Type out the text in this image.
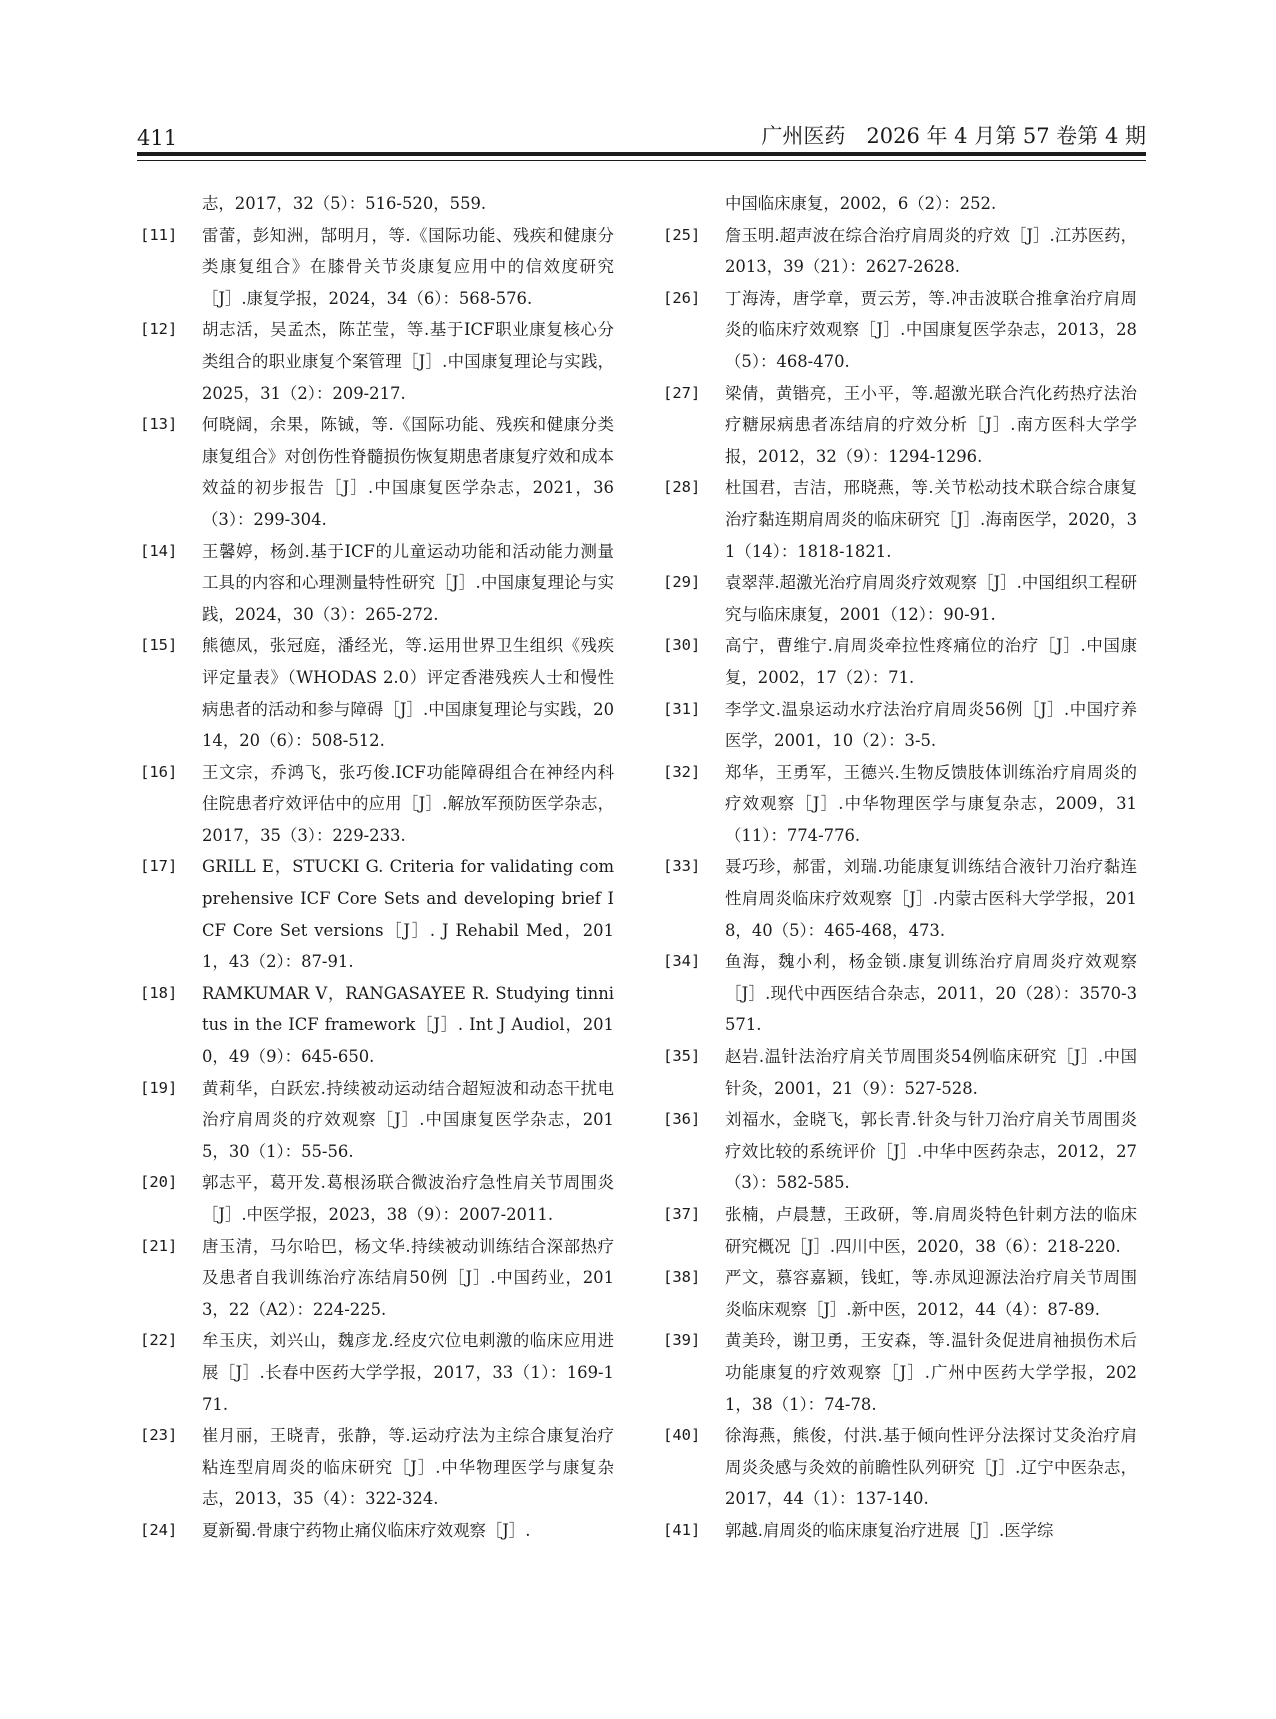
411	广州医药　2026 年 4 月第 57 卷第 4 期
志，2017，32（5）：516-520，559.
[11]	雷蕾，彭知洲，郜明月，等.《国际功能、残疾和健康分类康复组合》在膝骨关节炎康复应用中的信效度研究［J］.康复学报，2024，34（6）：568-576.
[12]	胡志活，吴孟杰，陈芷莹，等.基于ICF职业康复核心分类组合的职业康复个案管理［J］.中国康复理论与实践，2025，31（2）：209-217.
[13]	何晓阔，余果，陈铖，等.《国际功能、残疾和健康分类康复组合》对创伤性脊髓损伤恢复期患者康复疗效和成本效益的初步报告［J］.中国康复医学杂志，2021，36（3）：299-304.
[14]	王馨婷，杨剑.基于ICF的儿童运动功能和活动能力测量工具的内容和心理测量特性研究［J］.中国康复理论与实践，2024，30（3）：265-272.
[15]	熊德凤，张冠庭，潘经光，等.运用世界卫生组织《残疾评定量表》（WHODAS 2.0）评定香港残疾人士和慢性病患者的活动和参与障碍［J］.中国康复理论与实践，2014，20（6）：508-512.
[16]	王文宗，乔鸿飞，张巧俊.ICF功能障碍组合在神经内科住院患者疗效评估中的应用［J］.解放军预防医学杂志，2017，35（3）：229-233.
[17]	GRILL E，STUCKI G. Criteria for validating comprehensive ICF Core Sets and developing brief ICF Core Set versions［J］. J Rehabil Med，2011，43（2）：87-91.
[18]	RAMKUMAR V，RANGASAYEE R. Studying tinnitus in the ICF framework［J］. Int J Audiol，2010，49（9）：645-650.
[19]	黄莉华，白跃宏.持续被动运动结合超短波和动态干扰电治疗肩周炎的疗效观察［J］.中国康复医学杂志，2015，30（1）：55-56.
[20]	郭志平，葛开发.葛根汤联合微波治疗急性肩关节周围炎［J］.中医学报，2023，38（9）：2007-2011.
[21]	唐玉清，马尔哈巴，杨文华.持续被动训练结合深部热疗及患者自我训练治疗冻结肩50例［J］.中国药业，2013，22（A2）：224-225.
[22]	牟玉庆，刘兴山，魏彦龙.经皮穴位电刺激的临床应用进展［J］.长春中医药大学学报，2017，33（1）：169-171.
[23]	崔月丽，王晓青，张静，等.运动疗法为主综合康复治疗粘连型肩周炎的临床研究［J］.中华物理医学与康复杂志，2013，35（4）：322-324.
[24]	夏新蜀.骨康宁药物止痛仪临床疗效观察［J］.
中国临床康复，2002，6（2）：252.
[25]	詹玉明.超声波在综合治疗肩周炎的疗效［J］.江苏医药，2013，39（21）：2627-2628.
[26]	丁海涛，唐学章，贾云芳，等.冲击波联合推拿治疗肩周炎的临床疗效观察［J］.中国康复医学杂志，2013，28（5）：468-470.
[27]	梁倩，黄锴亮，王小平，等.超激光联合汽化药热疗法治疗糖尿病患者冻结肩的疗效分析［J］.南方医科大学学报，2012，32（9）：1294-1296.
[28]	杜国君，吉洁，邢晓燕，等.关节松动技术联合综合康复治疗黏连期肩周炎的临床研究［J］.海南医学，2020，31（14）：1818-1821.
[29]	袁翠萍.超激光治疗肩周炎疗效观察［J］.中国组织工程研究与临床康复，2001（12）：90-91.
[30]	高宁，曹维宁.肩周炎牵拉性疼痛位的治疗［J］.中国康复，2002，17（2）：71.
[31]	李学文.温泉运动水疗法治疗肩周炎56例［J］.中国疗养医学，2001，10（2）：3-5.
[32]	郑华，王勇军，王德兴.生物反馈肢体训练治疗肩周炎的疗效观察［J］.中华物理医学与康复杂志，2009，31（11）：774-776.
[33]	聂巧珍，郝雷，刘瑞.功能康复训练结合液针刀治疗黏连性肩周炎临床疗效观察［J］.内蒙古医科大学学报，2018，40（5）：465-468，473.
[34]	鱼海，魏小利，杨金锁.康复训练治疗肩周炎疗效观察［J］.现代中西医结合杂志，2011，20（28）：3570-3571.
[35]	赵岩.温针法治疗肩关节周围炎54例临床研究［J］.中国针灸，2001，21（9）：527-528.
[36]	刘福水，金晓飞，郭长青.针灸与针刀治疗肩关节周围炎疗效比较的系统评价［J］.中华中医药杂志，2012，27（3）：582-585.
[37]	张楠，卢晨慧，王政研，等.肩周炎特色针刺方法的临床研究概况［J］.四川中医，2020，38（6）：218-220.
[38]	严文，慕容嘉颖，钱虹，等.赤凤迎源法治疗肩关节周围炎临床观察［J］.新中医，2012，44（4）：87-89.
[39]	黄美玲，谢卫勇，王安森，等.温针灸促进肩袖损伤术后功能康复的疗效观察［J］.广州中医药大学学报，2021，38（1）：74-78.
[40]	徐海燕，熊俊，付洪.基于倾向性评分法探讨艾灸治疗肩周炎灸感与灸效的前瞻性队列研究［J］.辽宁中医杂志，2017，44（1）：137-140.
[41]	郭越.肩周炎的临床康复治疗进展［J］.医学综
